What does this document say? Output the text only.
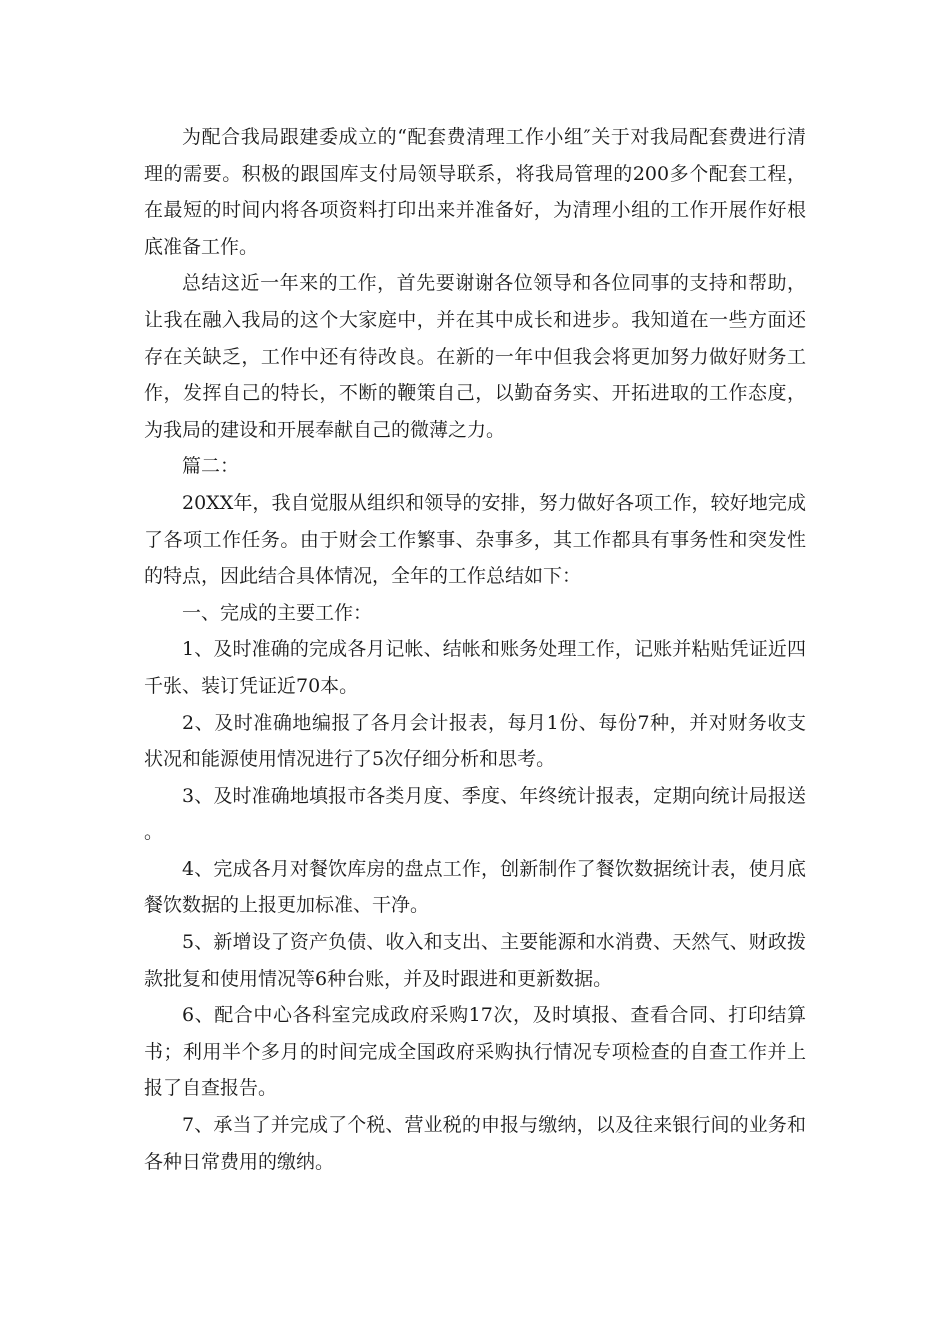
为配合我局跟建委成立的“配套费清理工作小组″关于对我局配套费进行清理的需要。积极的跟国库支付局领导联系，将我局管理的200多个配套工程，在最短的时间内将各项资料打印出来并准备好，为清理小组的工作开展作好根底准备工作。

总结这近一年来的工作，首先要谢谢各位领导和各位同事的支持和帮助，让我在融入我局的这个大家庭中，并在其中成长和进步。我知道在一些方面还存在关缺乏，工作中还有待改良。在新的一年中但我会将更加努力做好财务工作，发挥自己的特长，不断的鞭策自己，以勤奋务实、开拓进取的工作态度，为我局的建设和开展奉献自己的微薄之力。

篇二：

20XX年，我自觉服从组织和领导的安排，努力做好各项工作，较好地完成了各项工作任务。由于财会工作繁事、杂事多，其工作都具有事务性和突发性的特点，因此结合具体情况，全年的工作总结如下：

一、完成的主要工作：

1、及时准确的完成各月记帐、结帐和账务处理工作，记账并粘贴凭证近四千张、装订凭证近70本。

2、及时准确地编报了各月会计报表，每月1份、每份7种，并对财务收支状况和能源使用情况进行了5次仔细分析和思考。

3、及时准确地填报市各类月度、季度、年终统计报表，定期向统计局报送。

4、完成各月对餐饮库房的盘点工作，创新制作了餐饮数据统计表，使月底餐饮数据的上报更加标准、干净。

5、新增设了资产负债、收入和支出、主要能源和水消费、天然气、财政拨款批复和使用情况等6种台账，并及时跟进和更新数据。

6、配合中心各科室完成政府采购17次，及时填报、查看合同、打印结算书；利用半个多月的时间完成全国政府采购执行情况专项检查的自查工作并上报了自查报告。

7、承当了并完成了个税、营业税的申报与缴纳，以及往来银行间的业务和各种日常费用的缴纳。
